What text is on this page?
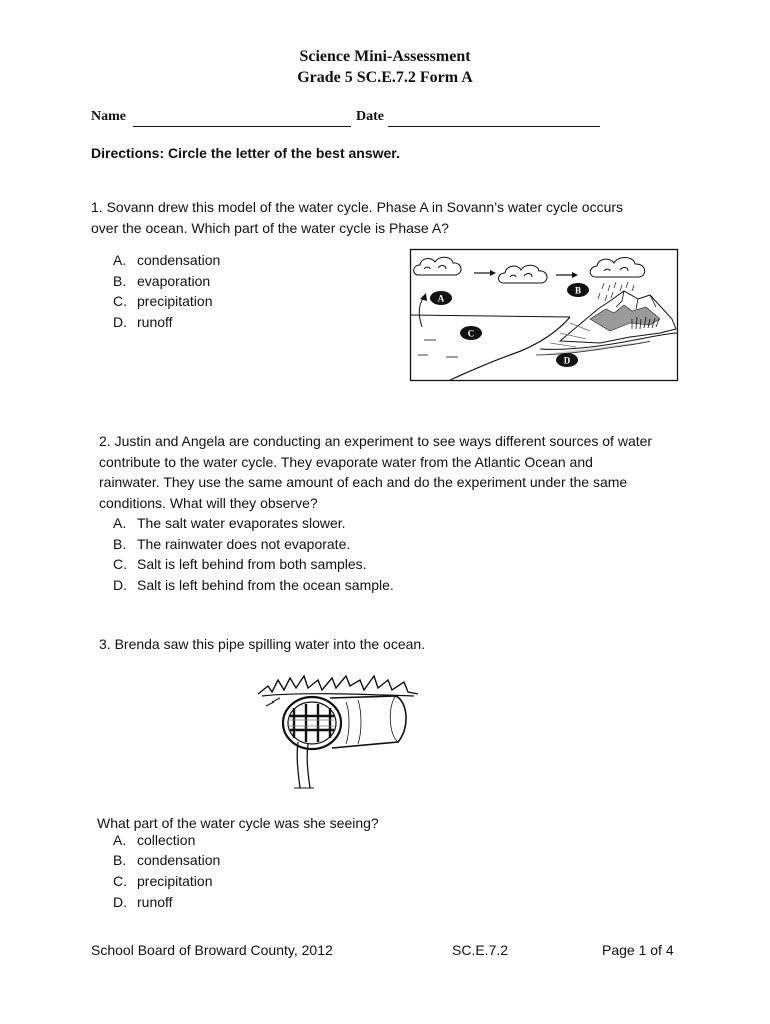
Science Mini-Assessment
Grade 5 SC.E.7.2 Form A
Name	Date
Directions: Circle the letter of the best answer.
1. Sovann drew this model of the water cycle. Phase A in Sovann’s water cycle occurs
over the ocean. Which part of the water cycle is Phase A?
A. condensation
B. evaporation
C. precipitation
D. runoff
A
B
C
D
2. Justin and Angela are conducting an experiment to see ways different sources of water
contribute to the water cycle. They evaporate water from the Atlantic Ocean and
rainwater. They use the same amount of each and do the experiment under the same
conditions. What will they observe?
A. The salt water evaporates slower.
B. The rainwater does not evaporate.
C. Salt is left behind from both samples.
D. Salt is left behind from the ocean sample.
3. Brenda saw this pipe spilling water into the ocean.
What part of the water cycle was she seeing?
A. collection
B. condensation
C. precipitation
D. runoff
School Board of Broward County, 2012	SC.E.7.2	Page 1 of 4
